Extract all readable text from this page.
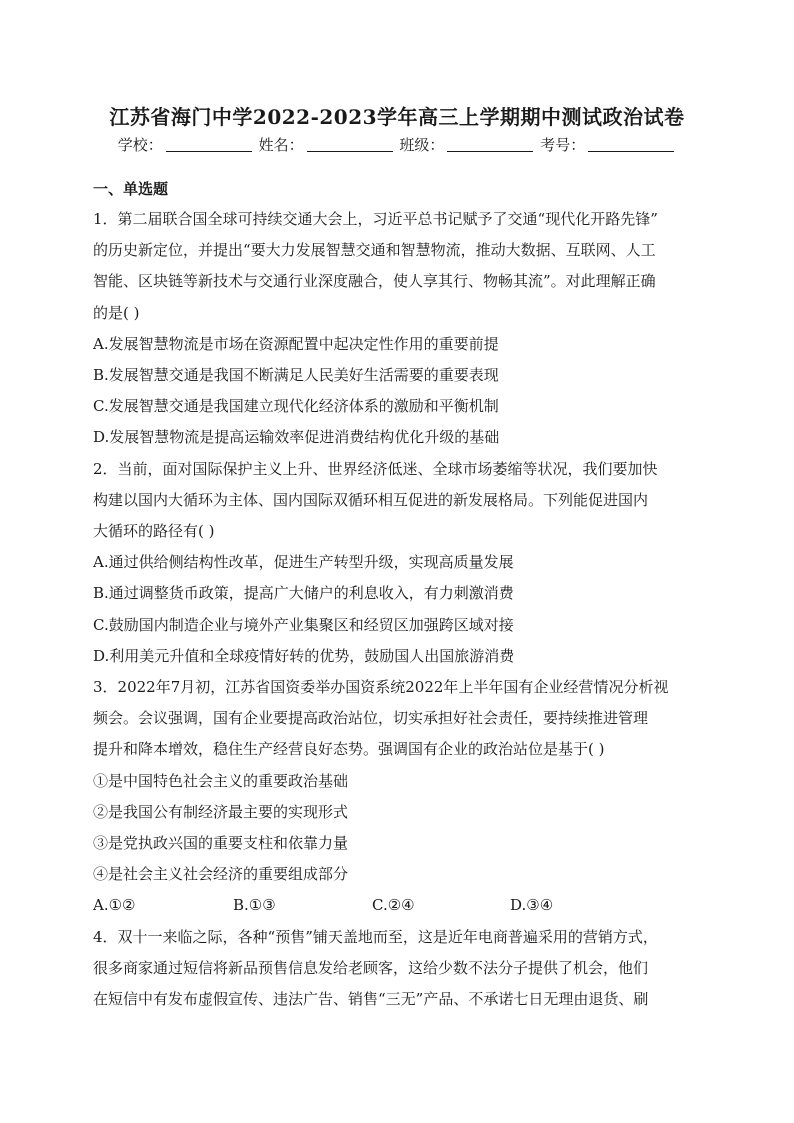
江苏省海门中学2022-2023学年高三上学期期中测试政治试卷
学校：	姓名：	班级：	考号：
一、单选题
1．第二届联合国全球可持续交通大会上，习近平总书记赋予了交通“现代化开路先锋”
的历史新定位，并提出“要大力发展智慧交通和智慧物流，推动大数据、互联网、人工
智能、区块链等新技术与交通行业深度融合，使人享其行、物畅其流”。对此理解正确
的是( )
A.发展智慧物流是市场在资源配置中起决定性作用的重要前提
B.发展智慧交通是我国不断满足人民美好生活需要的重要表现
C.发展智慧交通是我国建立现代化经济体系的激励和平衡机制
D.发展智慧物流是提高运输效率促进消费结构优化升级的基础
2．当前，面对国际保护主义上升、世界经济低迷、全球市场萎缩等状况，我们要加快
构建以国内大循环为主体、国内国际双循环相互促进的新发展格局。下列能促进国内
大循环的路径有( )
A.通过供给侧结构性改革，促进生产转型升级，实现高质量发展
B.通过调整货币政策，提高广大储户的利息收入，有力刺激消费
C.鼓励国内制造企业与境外产业集聚区和经贸区加强跨区域对接
D.利用美元升值和全球疫情好转的优势，鼓励国人出国旅游消费
3．2022年7月初，江苏省国资委举办国资系统2022年上半年国有企业经营情况分析视
频会。会议强调，国有企业要提高政治站位，切实承担好社会责任，要持续推进管理
提升和降本增效，稳住生产经营良好态势。强调国有企业的政治站位是基于( )
①是中国特色社会主义的重要政治基础
②是我国公有制经济最主要的实现形式
③是党执政兴国的重要支柱和依靠力量
④是社会主义社会经济的重要组成部分
A.①②	B.①③	C.②④	D.③④
4．双十一来临之际，各种“预售”铺天盖地而至，这是近年电商普遍采用的营销方式，
很多商家通过短信将新品预售信息发给老顾客，这给少数不法分子提供了机会，他们
在短信中有发布虚假宣传、违法广告、销售“三无”产品、不承诺七日无理由退货、刷
